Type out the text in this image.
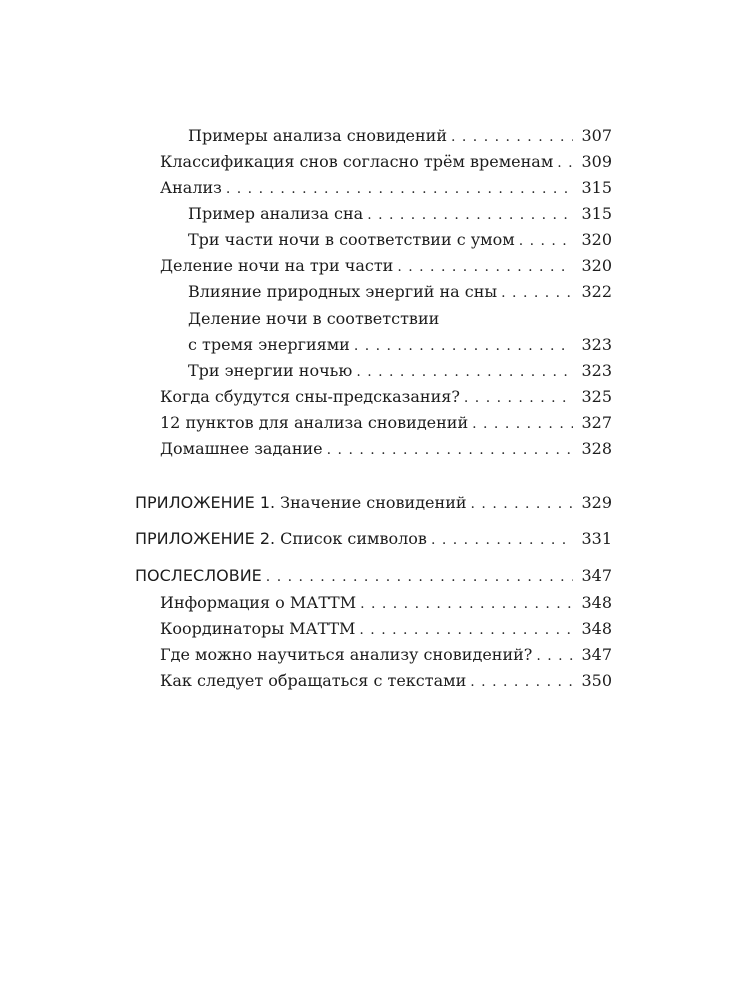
Примеры анализа сновидений . . .	307
Классификация снов согласно трём временам . . . 309
Анализ . . .	315
Пример анализа сна . . .	315
Три части ночи в соответствии с умом . . .	320
Деление ночи на три части . . .	320
Влияние природных энергий на сны . . .	322
Деление ночи в соответствии
с тремя энергиями . . .	323
Три энергии ночью . . .	323
Когда сбудутся сны-предсказания? . . .	325
12 пунктов для анализа сновидений . . .	327
Домашнее задание . . .	328
ПРИЛОЖЕНИЕ 1. Значение сновидений . . .	329
ПРИЛОЖЕНИЕ 2. Список символов . . .	331
ПОСЛЕСЛОВИЕ . . .	347
Информация о МАТТМ . . .	348
Координаторы МАТТМ . . .	348
Где можно научиться анализу сновидений? . . .	347
Как следует обращаться с текстами . . .	350
